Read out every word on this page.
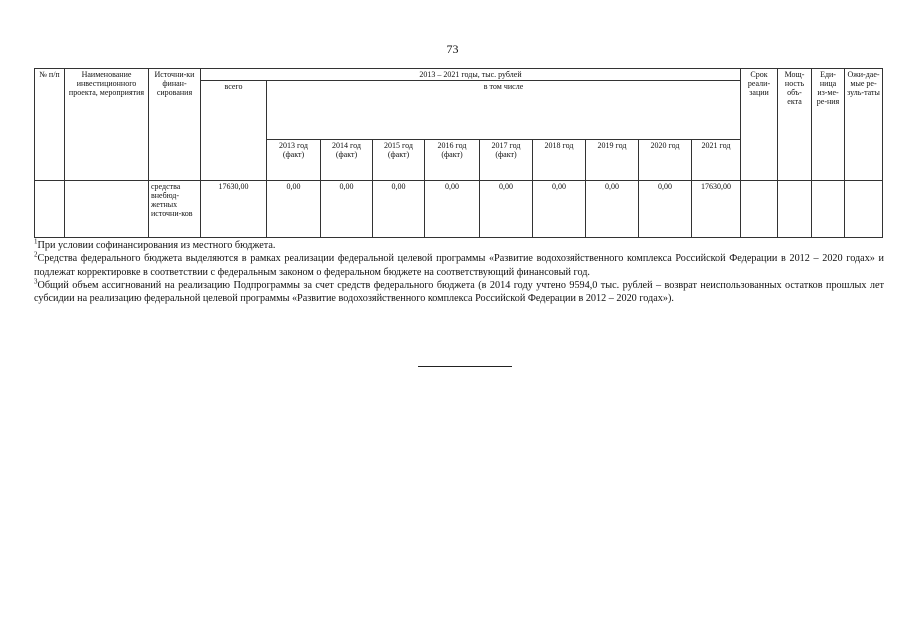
73
№ п/п	Наименование инвестиционного проекта, мероприятия	Источни-ки финан-сирования	2013 – 2021 годы, тыс. рублей										Срок реали-зации	Мощ-ность объ-екта	Еди-ница из-ме-ре-ния	Ожи-дае-мые ре-зуль-таты
			всего	в том числе												
				2013 год (факт)	2014 год (факт)	2015 год (факт)	2016 год (факт)	2017 год (факт)	2018 год	2019 год	2020 год	2021 год				
		средства внебюд-жетных источни-ков	17630,00	0,00	0,00	0,00	0,00	0,00	0,00	0,00	0,00	17630,00				

$^1$При условии софинансирования из местного бюджета.

$^2$Средства федерального бюджета выделяются в рамках реализации федеральной целевой программы «Развитие водохозяйственного комплекса Российской Федерации в 2012 – 2020 годах» и подлежат корректировке в соответствии с федеральным законом о федеральном бюджете на соответствующий финансовый год.

$^3$Общий объем ассигнований на реализацию Подпрограммы за счет средств федерального бюджета (в 2014 году учтено 9594,0 тыс. рублей – возврат неиспользованных остатков прошлых лет субсидии на реализацию федеральной целевой программы «Развитие водохозяйственного комплекса Российской Федерации в 2012 – 2020 годах»).
